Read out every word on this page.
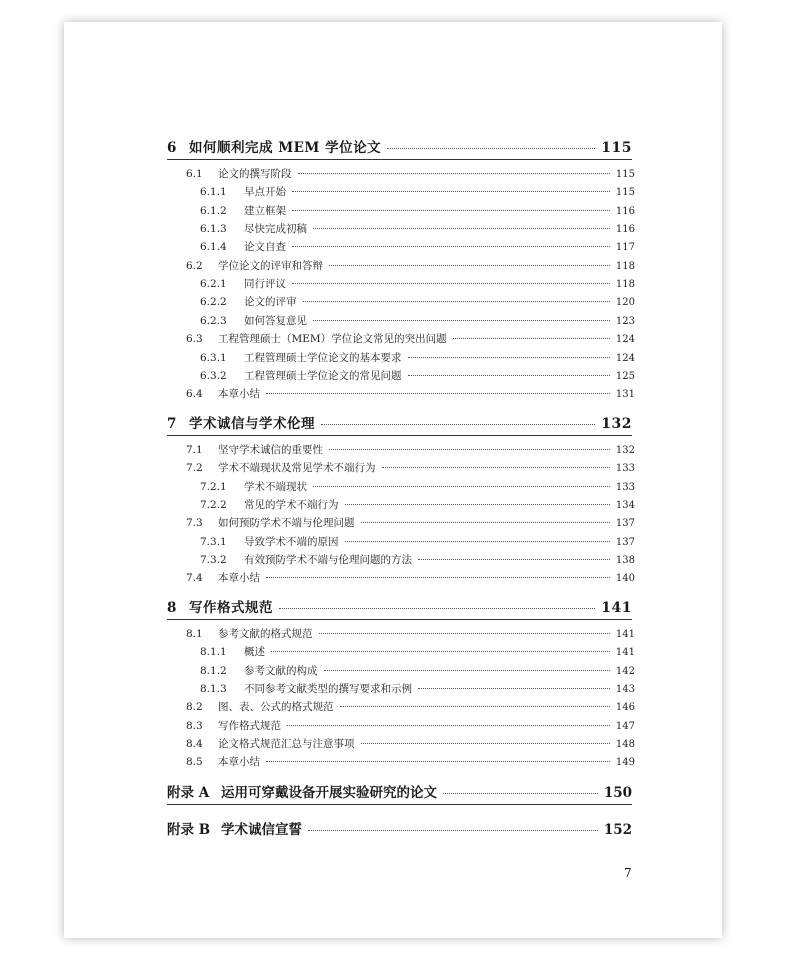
6 如何顺利完成 MEM 学位论文	115
6.1	论文的撰写阶段	115
6.1.1	早点开始	115
6.1.2	建立框架	116
6.1.3	尽快完成初稿	116
6.1.4	论文自查	117
6.2	学位论文的评审和答辩	118
6.2.1	同行评议	118
6.2.2	论文的评审	120
6.2.3	如何答复意见	123
6.3	工程管理硕士（MEM）学位论文常见的突出问题	124
6.3.1	工程管理硕士学位论文的基本要求	124
6.3.2	工程管理硕士学位论文的常见问题	125
6.4	本章小结	131
7 学术诚信与学术伦理	132
7.1	坚守学术诚信的重要性	132
7.2	学术不端现状及常见学术不端行为	133
7.2.1	学术不端现状	133
7.2.2	常见的学术不端行为	134
7.3	如何预防学术不端与伦理问题	137
7.3.1	导致学术不端的原因	137
7.3.2	有效预防学术不端与伦理问题的方法	138
7.4	本章小结	140
8 写作格式规范	141
8.1	参考文献的格式规范	141
8.1.1	概述	141
8.1.2	参考文献的构成	142
8.1.3	不同参考文献类型的撰写要求和示例	143
8.2	图、表、公式的格式规范	146
8.3	写作格式规范	147
8.4	论文格式规范汇总与注意事项	148
8.5	本章小结	149
附录 A 运用可穿戴设备开展实验研究的论文	150
附录 B 学术诚信宣誓	152
7
